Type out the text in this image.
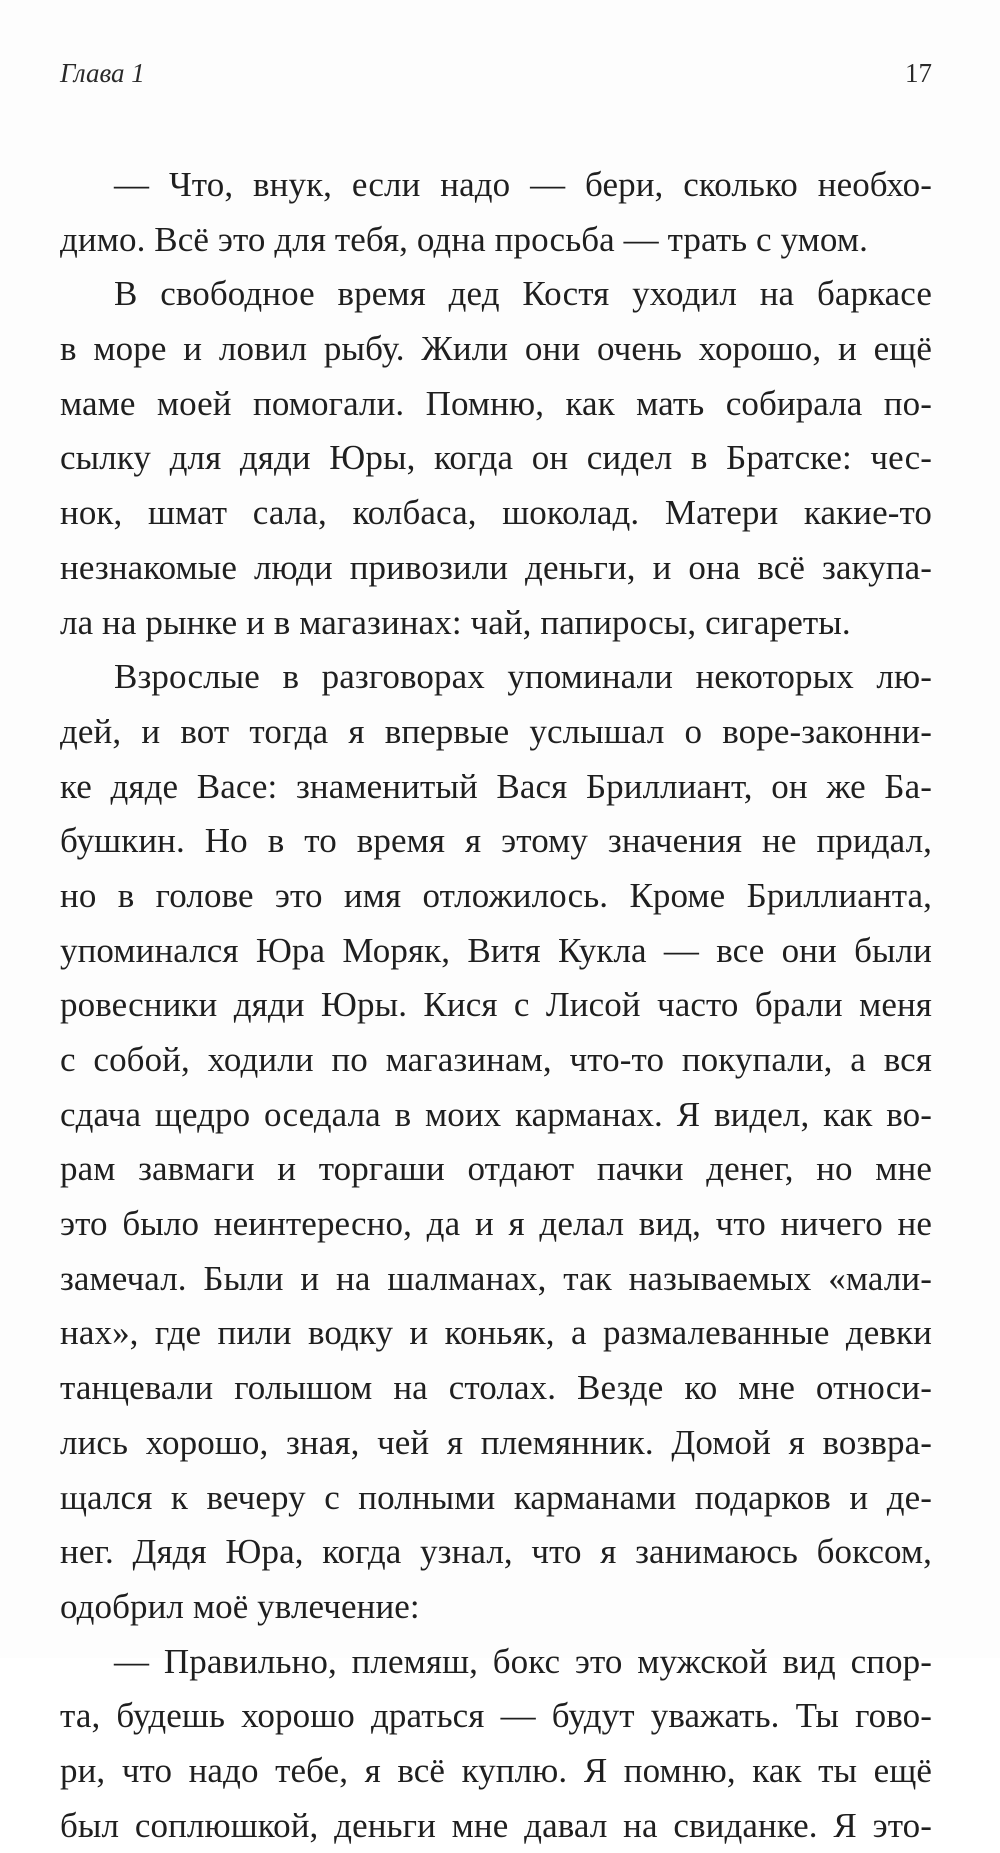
Глава 1	17
— Что, внук, если надо — бери, сколько необхо-
димо. Всё это для тебя, одна просьба — трать с умом.
В свободное время дед Костя уходил на баркасе
в море и ловил рыбу. Жили они очень хорошо, и ещё
маме моей помогали. Помню, как мать собирала по-
сылку для дяди Юры, когда он сидел в Братске: чес-
нок, шмат сала, колбаса, шоколад. Матери какие-то
незнакомые люди привозили деньги, и она всё закупа-
ла на рынке и в магазинах: чай, папиросы, сигареты.
Взрослые в разговорах упоминали некоторых лю-
дей, и вот тогда я впервые услышал о воре-законни-
ке дяде Васе: знаменитый Вася Бриллиант, он же Ба-
бушкин. Но в то время я этому значения не придал,
но в голове это имя отложилось. Кроме Бриллианта,
упоминался Юра Моряк, Витя Кукла — все они были
ровесники дяди Юры. Кися с Лисой часто брали меня
с собой, ходили по магазинам, что-то покупали, а вся
сдача щедро оседала в моих карманах. Я видел, как во-
рам завмаги и торгаши отдают пачки денег, но мне
это было неинтересно, да и я делал вид, что ничего не
замечал. Были и на шалманах, так называемых «мали-
нах», где пили водку и коньяк, а размалеванные девки
танцевали голышом на столах. Везде ко мне относи-
лись хорошо, зная, чей я племянник. Домой я возвра-
щался к вечеру с полными карманами подарков и де-
нег. Дядя Юра, когда узнал, что я занимаюсь боксом,
одобрил моё увлечение:
— Правильно, племяш, бокс это мужской вид спор-
та, будешь хорошо драться — будут уважать. Ты гово-
ри, что надо тебе, я всё куплю. Я помню, как ты ещё
был соплюшкой, деньги мне давал на свиданке. Я это-
